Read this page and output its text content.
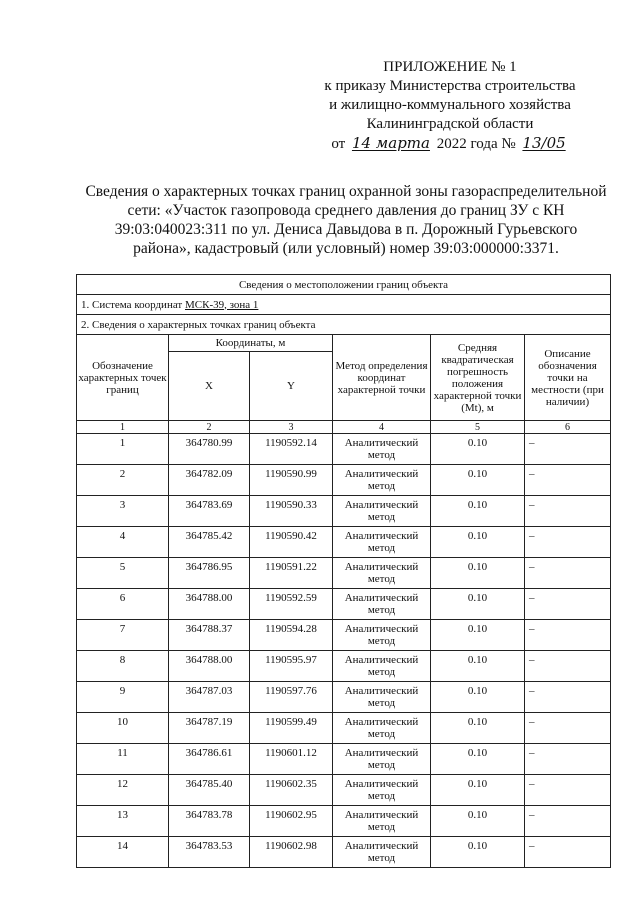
ПРИЛОЖЕНИЕ № 1
к приказу Министерства строительства
и жилищно-коммунального хозяйства
Калининградской области
от 14 марта 2022 года № 13/05
Сведения о характерных точках границ охранной зоны газораспределительной
сети: «Участок газопровода среднего давления до границ ЗУ с КН
39:03:040023:311 по ул. Дениса Давыдова в п. Дорожный Гурьевского
района», кадастровый (или условный) номер 39:03:000000:3371.
Сведения о местоположении границ объекта					
1. Система координат МСК-39, зона 1					
2. Сведения о характерных точках границ объекта					
Обозначение характерных точек границ	Координаты, м		Метод определения координат характерной точки	Средняя квадратическая погрешность положения характерной точки (Mt), м	Описание обозначения точки на местности (при наличии)
	X	Y			
1	2	3	4	5	6
1	364780.99	1190592.14	Аналитический метод	0.10	–
2	364782.09	1190590.99	Аналитический метод	0.10	–
3	364783.69	1190590.33	Аналитический метод	0.10	–
4	364785.42	1190590.42	Аналитический метод	0.10	–
5	364786.95	1190591.22	Аналитический метод	0.10	–
6	364788.00	1190592.59	Аналитический метод	0.10	–
7	364788.37	1190594.28	Аналитический метод	0.10	–
8	364788.00	1190595.97	Аналитический метод	0.10	–
9	364787.03	1190597.76	Аналитический метод	0.10	–
10	364787.19	1190599.49	Аналитический метод	0.10	–
11	364786.61	1190601.12	Аналитический метод	0.10	–
12	364785.40	1190602.35	Аналитический метод	0.10	–
13	364783.78	1190602.95	Аналитический метод	0.10	–
14	364783.53	1190602.98	Аналитический метод	0.10	–
